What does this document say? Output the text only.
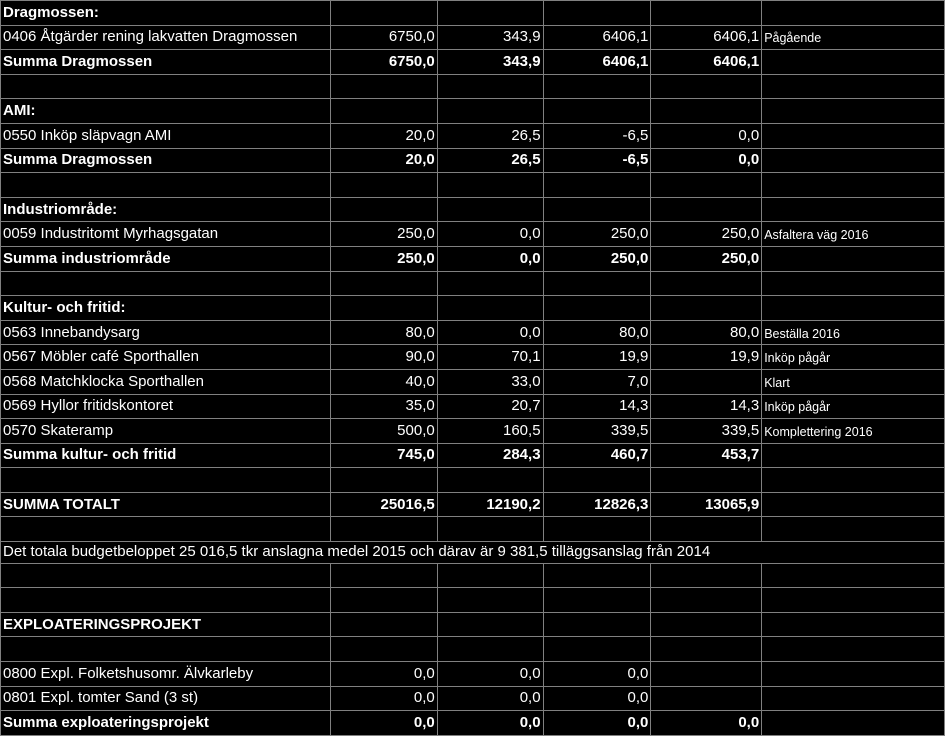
Dragmossen:					
0406 Åtgärder rening lakvatten Dragmossen	6750,0	343,9	6406,1	6406,1	Pågående
Summa Dragmossen	6750,0	343,9	6406,1	6406,1	

AMI:					
0550 Inköp släpvagn AMI	20,0	26,5	-6,5	0,0	
Summa Dragmossen	20,0	26,5	-6,5	0,0	

Industriområde:					
0059 Industritomt Myrhagsgatan	250,0	0,0	250,0	250,0	Asfaltera väg 2016
Summa industriområde	250,0	0,0	250,0	250,0	

Kultur- och fritid:					
0563 Innebandysarg	80,0	0,0	80,0	80,0	Beställa 2016
0567 Möbler café Sporthallen	90,0	70,1	19,9	19,9	Inköp pågår
0568 Matchklocka Sporthallen	40,0	33,0	7,0		Klart
0569 Hyllor fritidskontoret	35,0	20,7	14,3	14,3	Inköp pågår
0570 Skateramp	500,0	160,5	339,5	339,5	Komplettering 2016
Summa kultur- och fritid	745,0	284,3	460,7	453,7	

SUMMA TOTALT	25016,5	12190,2	12826,3	13065,9	

Det totala budgetbeloppet 25 016,5 tkr anslagna medel 2015 och därav är 9 381,5 tilläggsanslag från 2014					

EXPLOATERINGSPROJEKT					

0800 Expl. Folketshusomr. Älvkarleby	0,0	0,0	0,0		
0801 Expl. tomter Sand (3 st)	0,0	0,0	0,0		
Summa exploateringsprojekt	0,0	0,0	0,0	0,0	
